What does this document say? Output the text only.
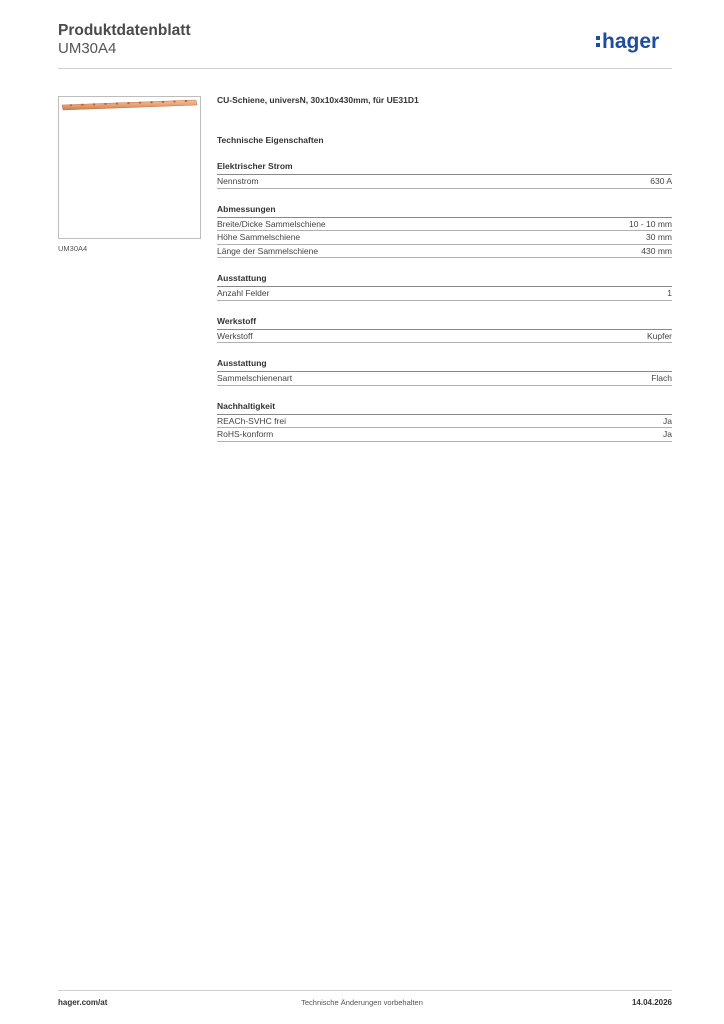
Produktdatenblatt
UM30A4	hager
UM30A4
CU-Schiene, universN, 30x10x430mm, für UE31D1
Technische Eigenschaften
Elektrischer Strom
Nennstrom	630 A
Abmessungen
Breite/Dicke Sammelschiene	10 - 10 mm
Höhe Sammelschiene	30 mm
Länge der Sammelschiene	430 mm
Ausstattung
Anzahl Felder	1
Werkstoff
Werkstoff	Kupfer
Ausstattung
Sammelschienenart	Flach
Nachhaltigkeit
REACh-SVHC frei	Ja
RoHS-konform	Ja
hager.com/at	Technische Änderungen vorbehalten	14.04.2026
